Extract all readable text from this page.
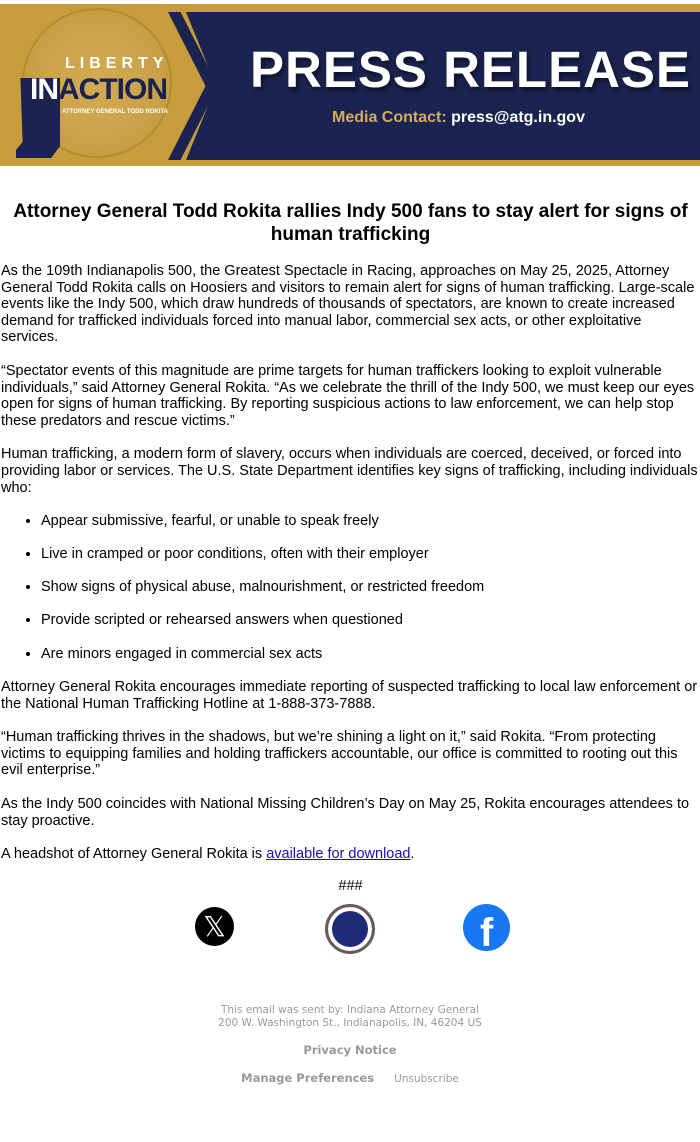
LIBERTY
INACTION
ATTORNEY GENERAL TODD ROKITA
PRESS RELEASE
Media Contact: press@atg.in.gov
Attorney General Todd Rokita rallies Indy 500 fans to stay alert for signs of human trafficking

As the 109th Indianapolis 500, the Greatest Spectacle in Racing, approaches on May 25, 2025, Attorney General Todd Rokita calls on Hoosiers and visitors to remain alert for signs of human trafficking. Large-scale events like the Indy 500, which draw hundreds of thousands of spectators, are known to create increased demand for trafficked individuals forced into manual labor, commercial sex acts, or other exploitative services.

“Spectator events of this magnitude are prime targets for human traffickers looking to exploit vulnerable individuals,” said Attorney General Rokita. “As we celebrate the thrill of the Indy 500, we must keep our eyes open for signs of human trafficking. By reporting suspicious actions to law enforcement, we can help stop these predators and rescue victims.”

Human trafficking, a modern form of slavery, occurs when individuals are coerced, deceived, or forced into providing labor or services. The U.S. State Department identifies key signs of trafficking, including individuals who:

• Appear submissive, fearful, or unable to speak freely
• Live in cramped or poor conditions, often with their employer
• Show signs of physical abuse, malnourishment, or restricted freedom
• Provide scripted or rehearsed answers when questioned
• Are minors engaged in commercial sex acts

Attorney General Rokita encourages immediate reporting of suspected trafficking to local law enforcement or the National Human Trafficking Hotline at 1-888-373-7888.

“Human trafficking thrives in the shadows, but we’re shining a light on it,” said Rokita. “From protecting victims to equipping families and holding traffickers accountable, our office is committed to rooting out this evil enterprise.”

As the Indy 500 coincides with National Missing Children’s Day on May 25, Rokita encourages attendees to stay proactive.

A headshot of Attorney General Rokita is available for download.

###
𝕏	f
This email was sent by: Indiana Attorney General
200 W. Washington St., Indianapolis, IN, 46204 US
Privacy Notice
Manage Preferences Unsubscribe
